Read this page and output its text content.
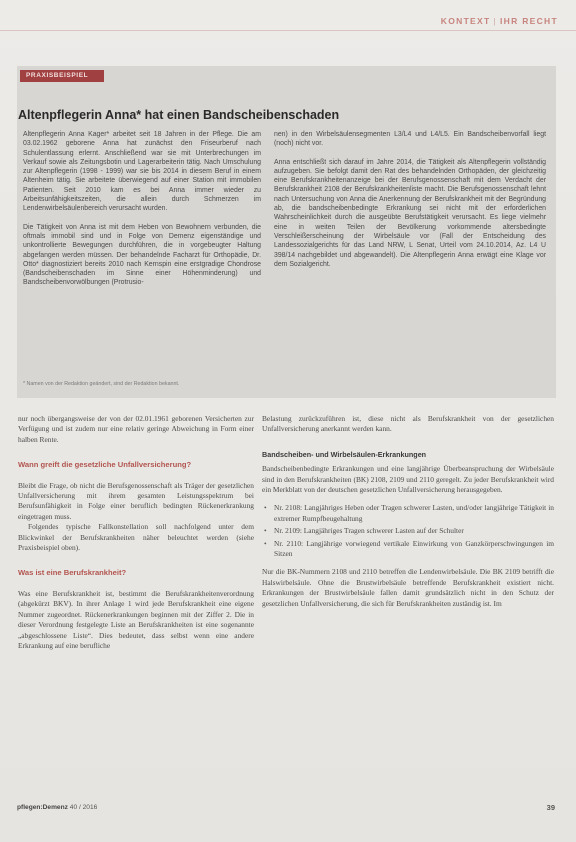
KONTEXT | IHR RECHT
PRAXISBEISPIEL
Altenpflegerin Anna* hat einen Bandscheibenschaden

Altenpflegerin Anna Kager* arbeitet seit 18 Jahren in der Pflege. Die am 03.02.1962 geborene Anna hat zunächst den Friseurberuf nach Schulentlassung erlernt. Anschließend war sie mit Unterbrechungen im Verkauf sowie als Zeitungsbotin und Lagerarbeiterin tätig. Nach Umschulung zur Altenpflegerin (1998 - 1999) war sie bis 2014 in diesem Beruf in einem Altenheim tätig. Sie arbeitete überwiegend auf einer Station mit immobilen Patienten. Seit 2010 kam es bei Anna immer wieder zu Arbeitsunfähigkeitszeiten, die allein durch Schmerzen im Lendenwirbelsäulenbereich verursacht wurden.

Die Tätigkeit von Anna ist mit dem Heben von Bewohnern verbunden, die oftmals immobil sind und in Folge von Demenz eigenständige und unkontrollierte Bewegungen durchführen, die in vorgebeugter Haltung abgefangen werden müssen. Der behandelnde Facharzt für Orthopädie, Dr. Otto* diagnostiziert bereits 2010 nach Kernspin eine erstgradige Chondrose (Bandscheibenschaden im Sinne einer Höhenminderung) und Bandscheibenvorwölbungen (Protrusio-

nen) in den Wirbelsäulensegmenten L3/L4 und L4/L5. Ein Bandscheibenvorfall liegt (noch) nicht vor.

Anna entschließt sich darauf im Jahre 2014, die Tätigkeit als Altenpflegerin vollständig aufzugeben. Sie befolgt damit den Rat des behandelnden Orthopäden, der gleichzeitig eine Berufskrankheitenanzeige bei der Berufsgenossenschaft mit dem Verdacht der Berufskrankheit 2108 der Berufskrankheitenliste macht. Die Berufsgenossenschaft lehnt nach Untersuchung von Anna die Anerkennung der Berufskrankheit mit der Begründung ab, die bandscheibenbedingte Erkrankung sei nicht mit der erforderlichen Wahrscheinlichkeit durch die ausgeübte Berufstätigkeit verursacht. Es liege vielmehr eine in weiten Teilen der Bevölkerung vorkommende altersbedingte Verschleißerscheinung der Wirbelsäule vor (Fall der Entscheidung des Landessozialgerichts für das Land NRW, L Senat, Urteil vom 24.10.2014, Az. L4 U 398/14 nachgebildet und abgewandelt). Die Altenpflegerin Anna erwägt eine Klage vor dem Sozialgericht.

* Namen von der Redaktion geändert, sind der Redaktion bekannt.

nur noch übergangsweise der von der 02.01.1961 geborenen Versicherten zur Verfügung und ist zudem nur eine relativ geringe Abweichung in Form einer halben Rente.

Wann greift die gesetzliche Unfallversicherung?

Bleibt die Frage, ob nicht die Berufsgenossenschaft als Träger der gesetzlichen Unfallversicherung mit ihrem gesamten Leistungsspektrum bei Berufsunfähigkeit in Folge einer beruflich bedingten Rückenerkrankung eingetragen muss.

Folgendes typische Fallkonstellation soll nachfolgend unter dem Blickwinkel der Berufskrankheiten näher beleuchtet werden (siehe Praxisbeispiel oben).

Was ist eine Berufskrankheit?

Was eine Berufskrankheit ist, bestimmt die Berufskrankheitenverordnung (abgekürzt BKV). In ihrer Anlage 1 wird jede Berufskrankheit eine eigene Nummer zugeordnet. Rückenerkrankungen beginnen mit der Ziffer 2. Die in dieser Verordnung festgelegte Liste an Berufskrankheiten ist eine sogenannte „abgeschlossene Liste“. Dies bedeutet, dass selbst wenn eine andere Erkrankung auf eine berufliche

Belastung zurückzuführen ist, diese nicht als Berufskrankheit von der gesetzlichen Unfallversicherung anerkannt werden kann.

Bandscheiben- und Wirbelsäulen-Erkrankungen

Bandscheibenbedingte Erkrankungen und eine langjährige Überbeanspruchung der Wirbelsäule sind in den Berufskrankheiten (BK) 2108, 2109 und 2110 geregelt. Zu jeder Berufskrankheit wird ein Merkblatt von der deutschen gesetzlichen Unfallversicherung herausgegeben.

• Nr. 2108: Langjähriges Heben oder Tragen schwerer Lasten, und/oder langjährige Tätigkeit in extremer Rumpfbeugehaltung
• Nr. 2109: Langjähriges Tragen schwerer Lasten auf der Schulter
• Nr. 2110: Langjährige vorwiegend vertikale Einwirkung von Ganzkörperschwingungen im Sitzen

Nur die BK-Nummern 2108 und 2110 betreffen die Lendenwirbelsäule. Die BK 2109 betrifft die Halswirbelsäule. Ohne die Brustwirbelsäule betreffende Berufskrankheit existiert nicht. Erkrankungen der Brustwirbelsäule fallen damit grundsätzlich nicht in den Schutz der gesetzlichen Unfallversicherung, die sich für Berufskrankheiten zuständig ist. Im

pflegen:Demenz 40 / 2016	39
